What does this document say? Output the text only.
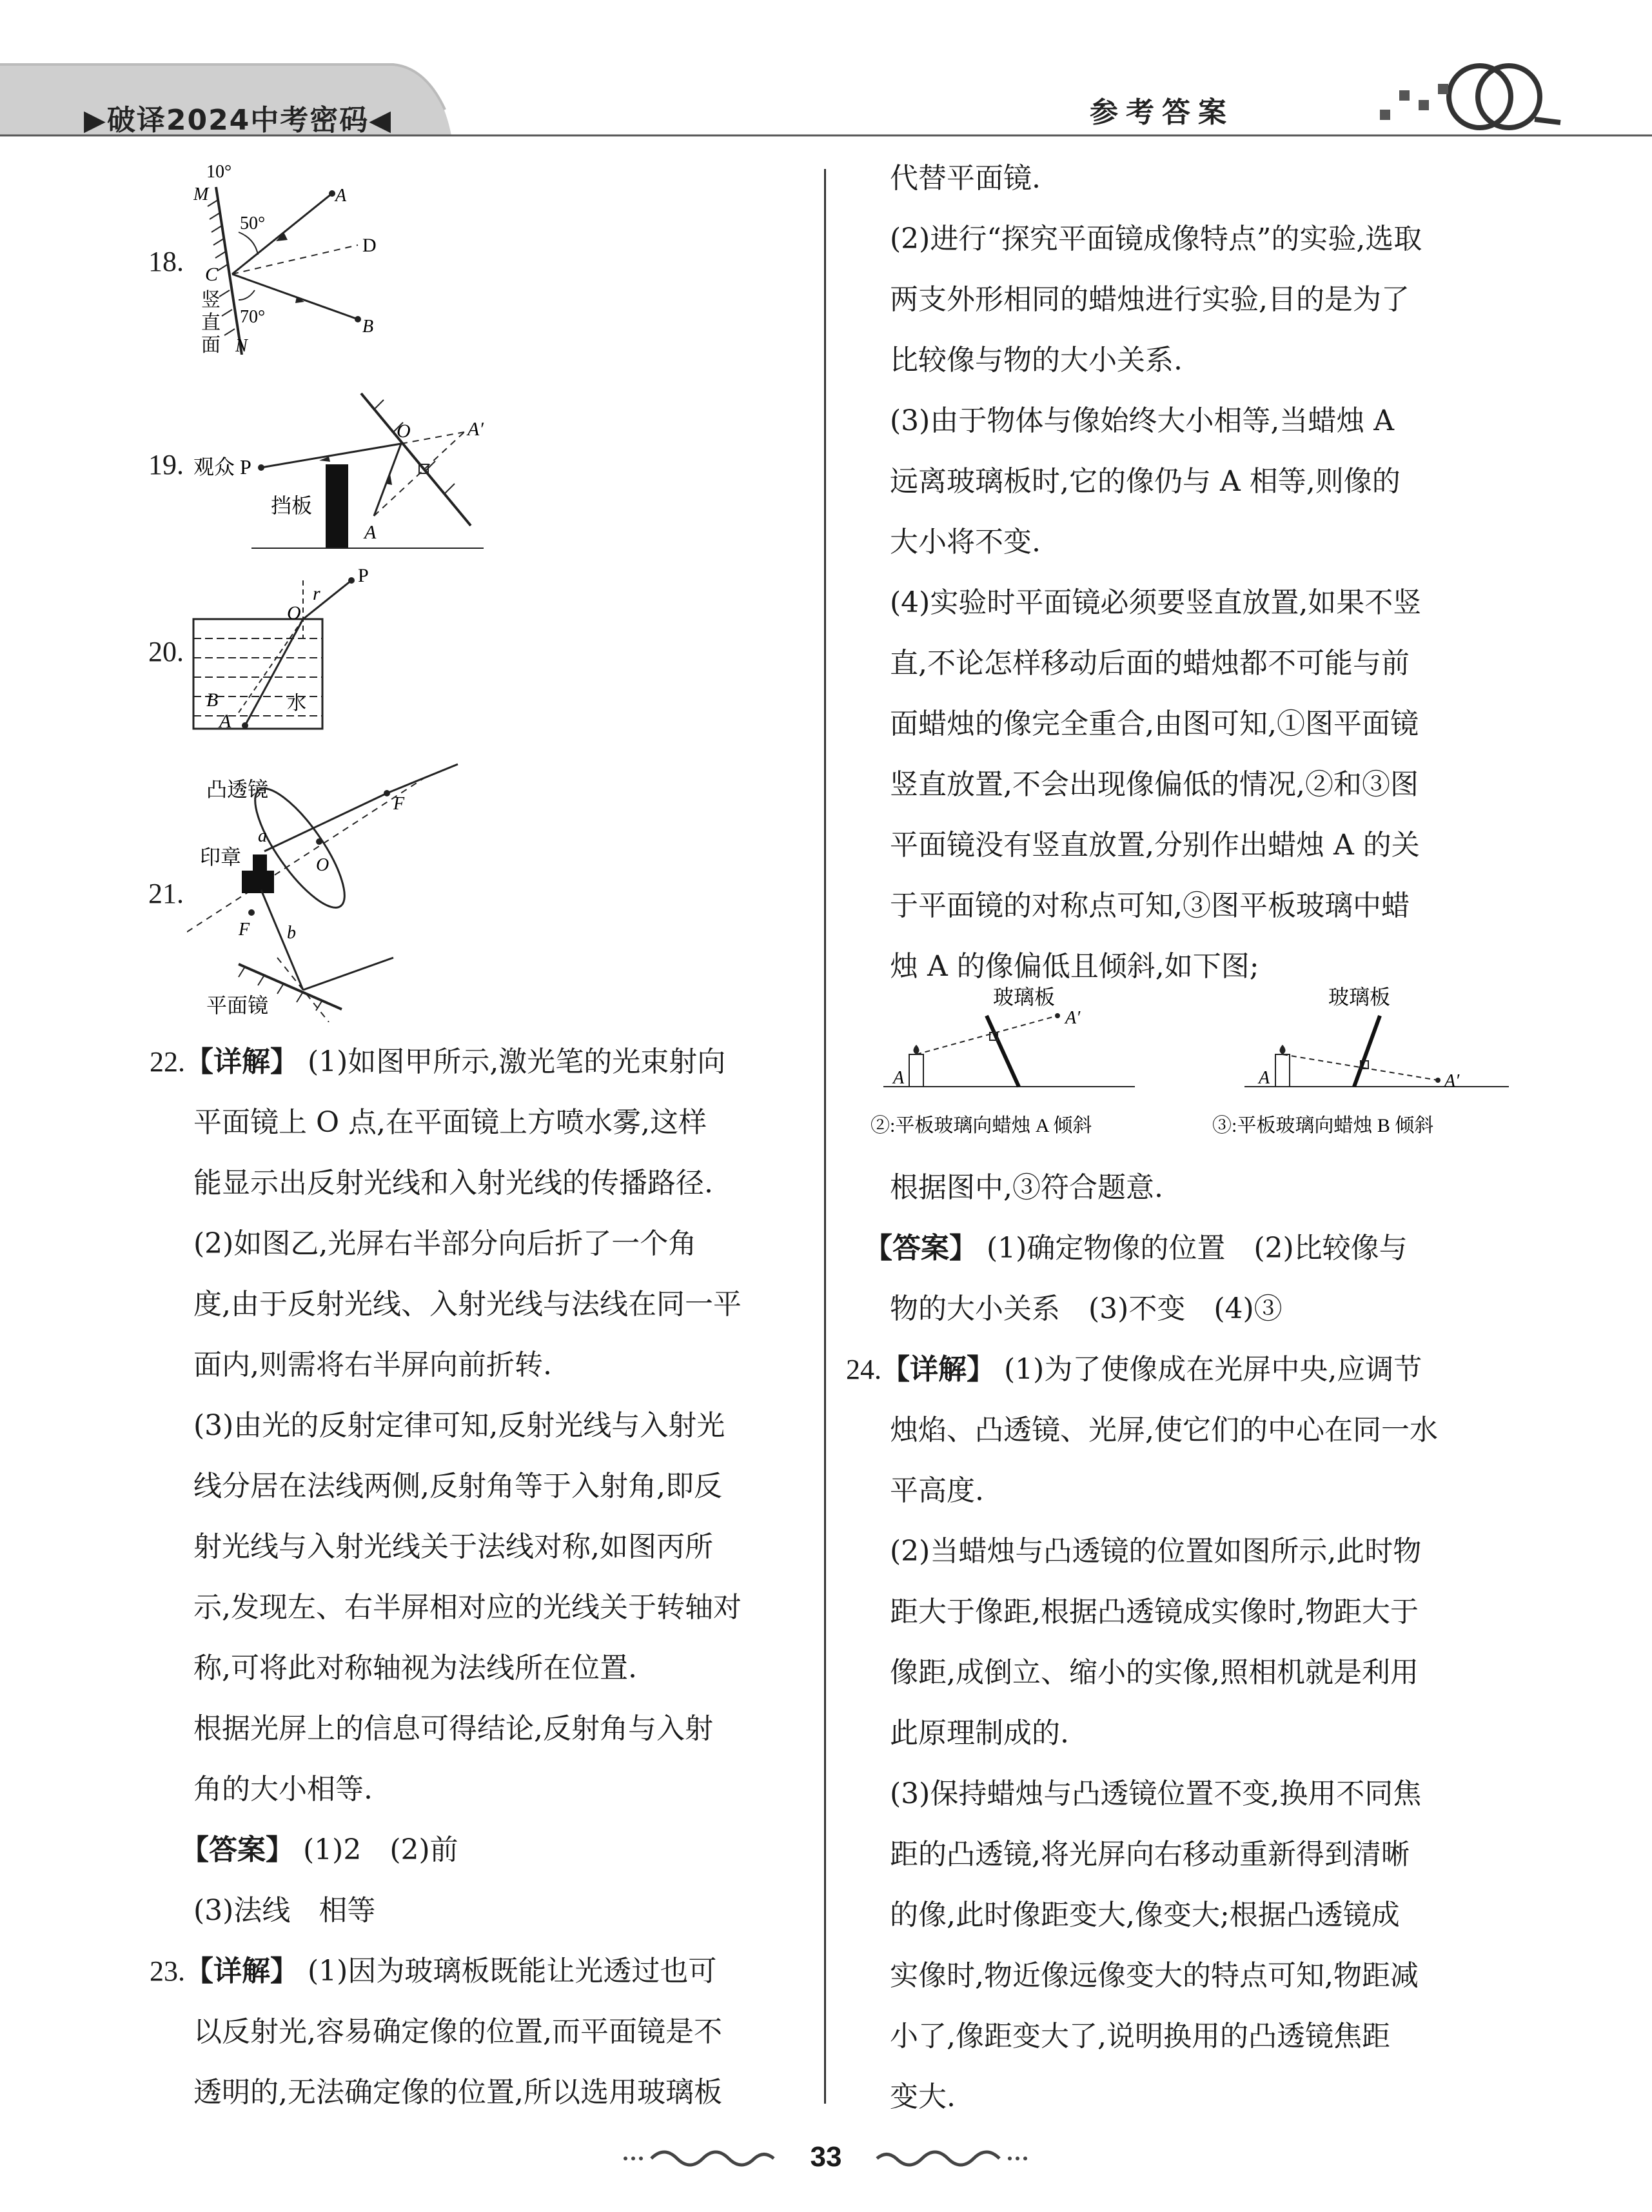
▶破译2024中考密码◀	参考答案
18.
10°
M
50°
A
D
C
70°	B
N
竖
直
面
19. 观众 P
O	A′
挡板
A
20.
r
O
P
B
A
水
21.
凸透镜
印章
a
O
F
F b
平面镜

22.【详解】 (1)如图甲所示,激光笔的光束射向

平面镜上 O 点,在平面镜上方喷水雾,这样

能显示出反射光线和入射光线的传播路径.

(2)如图乙,光屏右半部分向后折了一个角

度,由于反射光线、入射光线与法线在同一平

面内,则需将右半屏向前折转.

(3)由光的反射定律可知,反射光线与入射光

线分居在法线两侧,反射角等于入射角,即反

射光线与入射光线关于法线对称,如图丙所

示,发现左、右半屏相对应的光线关于转轴对

称,可将此对称轴视为法线所在位置.

根据光屏上的信息可得结论,反射角与入射

角的大小相等.

【答案】 (1)2　(2)前

(3)法线　相等

23.【详解】 (1)因为玻璃板既能让光透过也可

以反射光,容易确定像的位置,而平面镜是不

透明的,无法确定像的位置,所以选用玻璃板

代替平面镜.

(2)进行“探究平面镜成像特点”的实验,选取

两支外形相同的蜡烛进行实验,目的是为了

比较像与物的大小关系.

(3)由于物体与像始终大小相等,当蜡烛 A

远离玻璃板时,它的像仍与 A 相等,则像的

大小将不变.

(4)实验时平面镜必须要竖直放置,如果不竖

直,不论怎样移动后面的蜡烛都不可能与前

面蜡烛的像完全重合,由图可知,①图平面镜

竖直放置,不会出现像偏低的情况,②和③图

平面镜没有竖直放置,分别作出蜡烛 A 的关

于平面镜的对称点可知,③图平板玻璃中蜡

烛 A 的像偏低且倾斜,如下图;

玻璃板
A
A′
②:平板玻璃向蜡烛 A 倾斜
玻璃板
A	A′
③:平板玻璃向蜡烛 B 倾斜

根据图中,③符合题意.

【答案】 (1)确定物像的位置　(2)比较像与

物的大小关系　(3)不变　(4)③

24.【详解】 (1)为了使像成在光屏中央,应调节

烛焰、凸透镜、光屏,使它们的中心在同一水

平高度.

(2)当蜡烛与凸透镜的位置如图所示,此时物

距大于像距,根据凸透镜成实像时,物距大于

像距,成倒立、缩小的实像,照相机就是利用

此原理制成的.

(3)保持蜡烛与凸透镜位置不变,换用不同焦

距的凸透镜,将光屏向右移动重新得到清晰

的像,此时像距变大,像变大;根据凸透镜成

实像时,物近像远像变大的特点可知,物距减

小了,像距变大了,说明换用的凸透镜焦距

变大.

33
